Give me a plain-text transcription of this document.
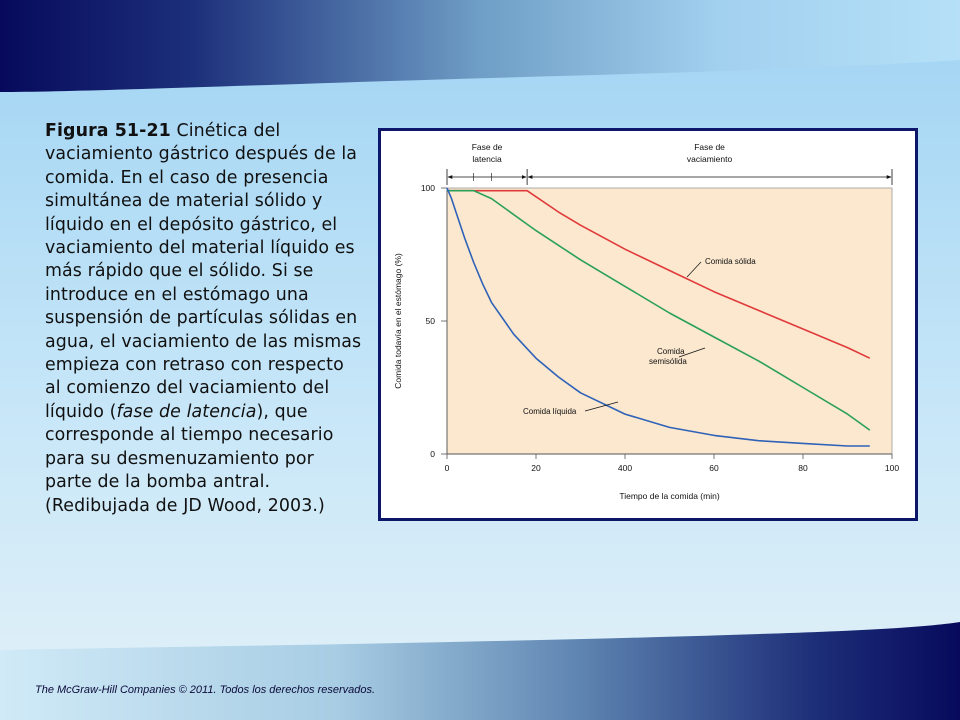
Figura 51-21 Cinética del vaciamiento gástrico después de la comida. En el caso de presencia simultánea de material sólido y líquido en el depósito gástrico, el vaciamiento del material líquido es más rápido que el sólido. Si se introduce en el estómago una suspensión de partículas sólidas en agua, el vaciamiento de las mismas empieza con retraso con respecto al comienzo del vaciamiento del líquido (fase de latencia), que corresponde al tiempo necesario para su desmenuzamiento por parte de la bomba antral. (Redibujada de JD Wood, 2003.)
Fase de
latencia
Fase de
vaciamiento
0
50
100
0	20	400	60	80	100
Tiempo de la comida (min)
Comida todavía en el estómago (%)	Comida sólida
Comida
semisólida
Comida líquida
The McGraw-Hill Companies © 2011. Todos los derechos reservados.
